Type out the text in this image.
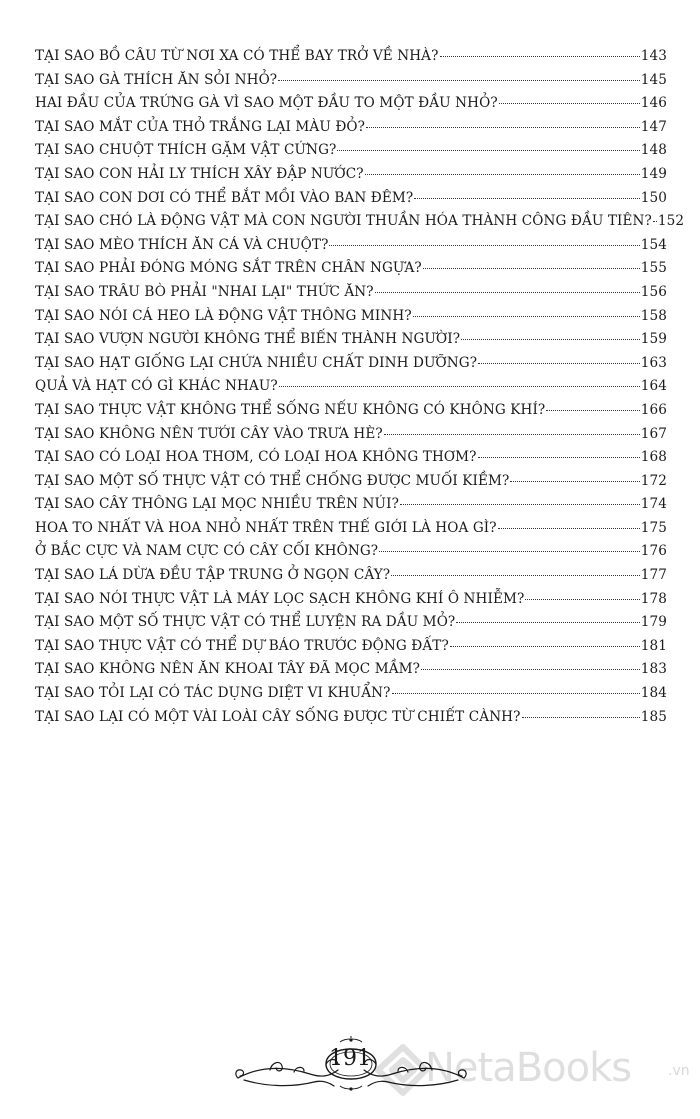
TẠI SAO BỒ CÂU TỪ NƠI XA CÓ THỂ BAY TRỞ VỀ NHÀ?	143
TẠI SAO GÀ THÍCH ĂN SỎI NHỎ?	145
HAI ĐẦU CỦA TRỨNG GÀ VÌ SAO MỘT ĐẦU TO MỘT ĐẦU NHỎ?	146
TẠI SAO MẮT CỦA THỎ TRẮNG LẠI MÀU ĐỎ?	147
TẠI SAO CHUỘT THÍCH GẶM VẬT CỨNG?	148
TẠI SAO CON HẢI LY THÍCH XÂY ĐẬP NƯỚC?	149
TẠI SAO CON DƠI CÓ THỂ BẮT MỒI VÀO BAN ĐÊM?	150
TẠI SAO CHÓ LÀ ĐỘNG VẬT MÀ CON NGƯỜI THUẦN HÓA THÀNH CÔNG ĐẦU TIÊN? 152
TẠI SAO MÈO THÍCH ĂN CÁ VÀ CHUỘT?	154
TẠI SAO PHẢI ĐÓNG MÓNG SẮT TRÊN CHÂN NGỰA?	155
TẠI SAO TRÂU BÒ PHẢI "NHAI LẠI" THỨC ĂN?	156
TẠI SAO NÓI CÁ HEO LÀ ĐỘNG VẬT THÔNG MINH?	158
TẠI SAO VƯỢN NGƯỜI KHÔNG THỂ BIẾN THÀNH NGƯỜI?	159
TẠI SAO HẠT GIỐNG LẠI CHỨA NHIỀU CHẤT DINH DƯỠNG?	163
QUẢ VÀ HẠT CÓ GÌ KHÁC NHAU?	164
TẠI SAO THỰC VẬT KHÔNG THỂ SỐNG NẾU KHÔNG CÓ KHÔNG KHÍ?	166
TẠI SAO KHÔNG NÊN TƯỚI CÂY VÀO TRƯA HÈ?	167
TẠI SAO CÓ LOẠI HOA THƠM, CÓ LOẠI HOA KHÔNG THƠM?	168
TẠI SAO MỘT SỐ THỰC VẬT CÓ THỂ CHỐNG ĐƯỢC MUỐI KIỀM?	172
TẠI SAO CÂY THÔNG LẠI MỌC NHIỀU TRÊN NÚI?	174
HOA TO NHẤT VÀ HOA NHỎ NHẤT TRÊN THẾ GIỚI LÀ HOA GÌ?	175
Ở BẮC CỰC VÀ NAM CỰC CÓ CÂY CỐI KHÔNG?	176
TẠI SAO LÁ DỪA ĐỀU TẬP TRUNG Ở NGỌN CÂY?	177
TẠI SAO NÓI THỰC VẬT LÀ MÁY LỌC SẠCH KHÔNG KHÍ Ô NHIỄM?	178
TẠI SAO MỘT SỐ THỰC VẬT CÓ THỂ LUYỆN RA DẦU MỎ?	179
TẠI SAO THỰC VẬT CÓ THỂ DỰ BÁO TRƯỚC ĐỘNG ĐẤT?	181
TẠI SAO KHÔNG NÊN ĂN KHOAI TÂY ĐÃ MỌC MẦM?	183
TẠI SAO TỎI LẠI CÓ TÁC DỤNG DIỆT VI KHUẨN?	184
TẠI SAO LẠI CÓ MỘT VÀI LOÀI CÂY SỐNG ĐƯỢC TỪ CHIẾT CÀNH?	185
191 NetaBooks	.vn
